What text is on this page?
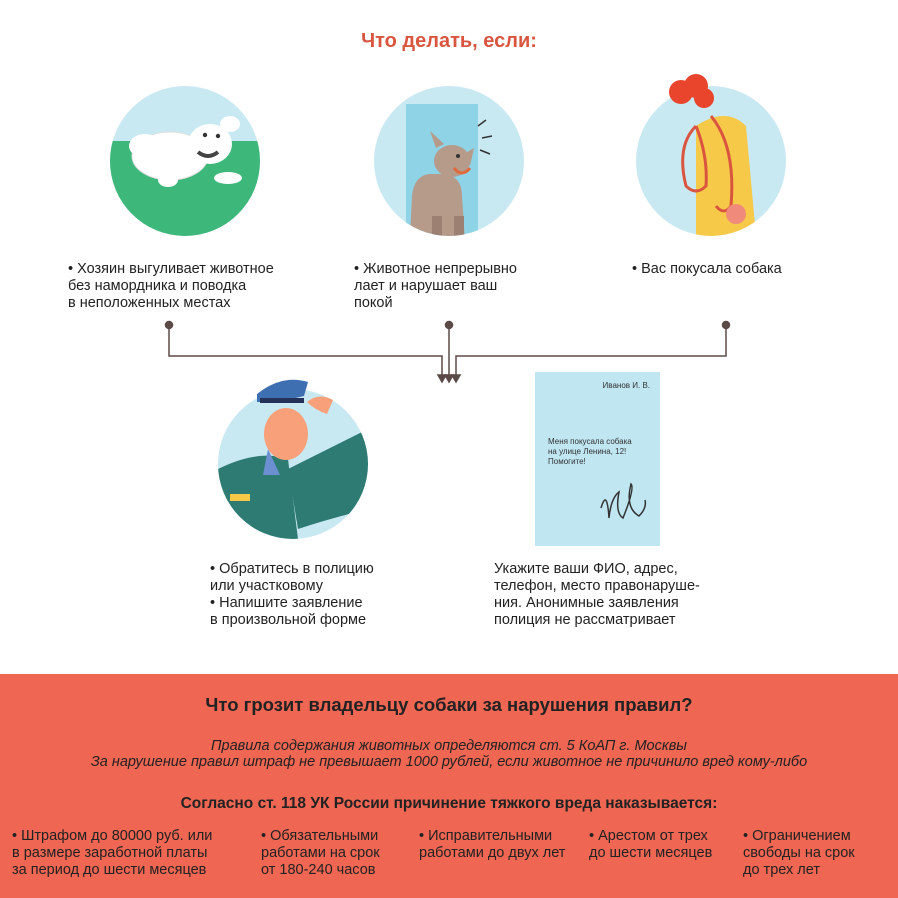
Что делать, если:
• Хозяин выгуливает животное
без намордника и поводка
в неположенных местах
• Животное непрерывно
лает и нарушает ваш
покой
• Вас покусала собака
Иванов И. В.
Меня покусала собака
на улице Ленина, 12!
Помогите!
• Обратитесь в полицию
или участковому
• Напишите заявление
в произвольной форме
Укажите ваши ФИО, адрес,
телефон, место правонаруше-
ния. Анонимные заявления
полиция не рассматривает
Что грозит владельцу собаки за нарушения правил?
Правила содержания животных определяются ст. 5 КоАП г. Москвы
За нарушение правил штраф не превышает 1000 рублей, если животное не причинило вред кому-либо
Согласно ст. 118 УК России причинение тяжкого вреда наказывается:
• Штрафом до 80000 руб. или
в размере заработной платы
за период до шести месяцев
• Обязательными
работами на срок
от 180-240 часов
• Исправительными
работами до двух лет
• Арестом от трех
до шести месяцев
• Ограничением
свободы на срок
до трех лет
